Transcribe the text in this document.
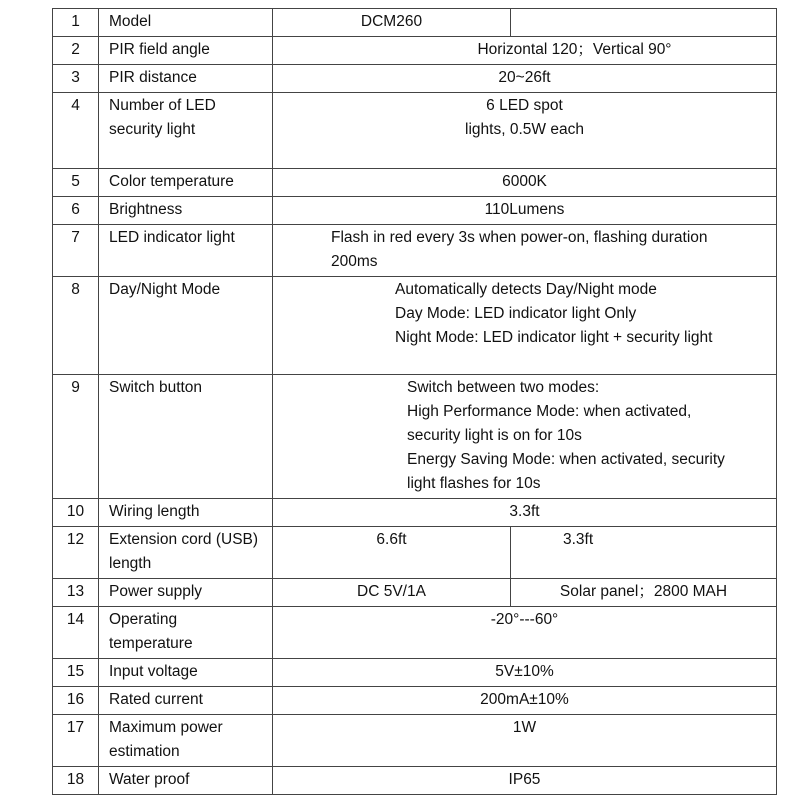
1	Model	DCM260	
2	PIR field angle	Horizontal 120；Vertical 90°	
3	PIR distance	20~26ft	
4	Number of LED security light	6 LED spot lights, 0.5W each	
5	Color temperature	6000K	
6	Brightness	110Lumens	
7	LED indicator light	Flash in red every 3s when power-on, flashing duration 200ms	
8	Day/Night Mode	Automatically detects Day/Night mode
Day Mode: LED indicator light Only
Night Mode: LED indicator light + security light	

9	Switch button	Switch between two modes:
High Performance Mode: when activated, security light is on for 10s
Energy Saving Mode: when activated, security light flashes for 10s	

10	Wiring length	3.3ft	
12	Extension cord (USB) length	6.6ft	3.3ft
13	Power supply	DC 5V/1A	Solar panel；2800 MAH
14	Operating temperature	-20°---60°	
15	Input voltage	5V±10%	
16	Rated current	200mA±10%	
17	Maximum power estimation	1W	
18	Water proof	IP65	
